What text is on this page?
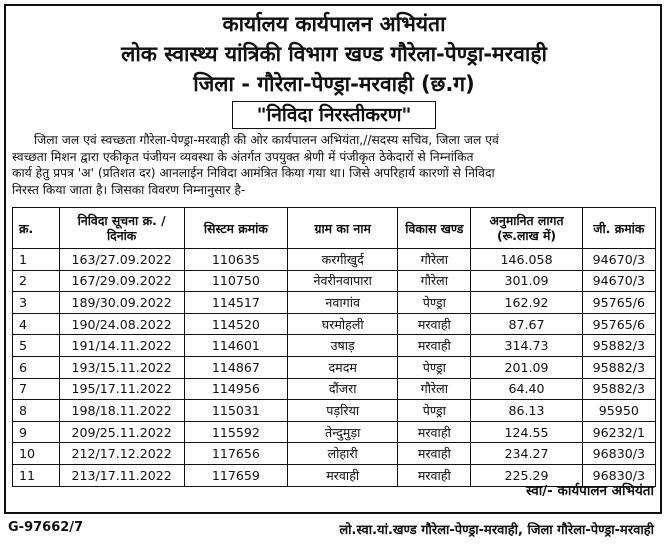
कार्यालय कार्यपालन अभियंता
लोक स्वास्थ्य यांत्रिकी विभाग खण्ड गौरेला-पेण्ड्रा-मरवाही
जिला - गौरेला-पेण्ड्रा-मरवाही (छ.ग)
"निविदा निरस्तीकरण"
जिला जल एवं स्वच्छता गौरेला-पेण्ड्रा-मरवाही की ओर कार्यपालन अभियंता,//सदस्य सचिव, जिला जल एवं
स्वच्छता मिशन द्वारा एकीकृत पंजीयन व्यवस्था के अंतर्गत उपयुक्त श्रेणी में पंजीकृत ठेकेदारों से निम्नांकित
कार्य हेतु प्रपत्र 'अ' (प्रतिशत दर) आनलाईन निविदा आमंत्रित किया गया था। जिसे अपरिहार्य कारणों से निविदा
निरस्त किया जाता है। जिसका विवरण निम्नानुसार है-
क्र.	निविदा सूचना क्र. / दिनांक	सिस्टम क्रमांक	ग्राम का नाम	विकास खण्ड	अनुमानित लागत (रू.लाख में)	जी. क्रमांक
1	163/27.09.2022	110635	करगीखुर्द	गौरेला	146.058	94670/3
2	167/29.09.2022	110750	नेवरीनवापारा	गौरेला	301.09	94670/3
3	189/30.09.2022	114517	नवागांव	पेण्ड्रा	162.92	95765/6
4	190/24.08.2022	114520	घरमोहली	मरवाही	87.67	95765/6
5	191/14.11.2022	114601	उषाड़	मरवाही	314.73	95882/3
6	193/15.11.2022	114867	दमदम	पेण्ड्रा	201.09	95882/3
7	195/17.11.2022	114956	दौंजरा	गौरेला	64.40	95882/3
8	198/18.11.2022	115031	पड़रिया	पेण्ड्रा	86.13	95950
9	209/25.11.2022	115592	तेन्दुमुड़ा	मरवाही	124.55	96232/1
10	212/17.12.2022	117656	लोहारी	मरवाही	234.27	96830/3
11	213/17.11.2022	117659	मरवाही	मरवाही	225.29	96830/3
स्वा/- कार्यपालन अभियंता
G-97662/7	लो.स्वा.यां.खण्ड गौरेला-पेण्ड्रा-मरवाही, जिला गौरेला-पेण्ड्रा-मरवाही
